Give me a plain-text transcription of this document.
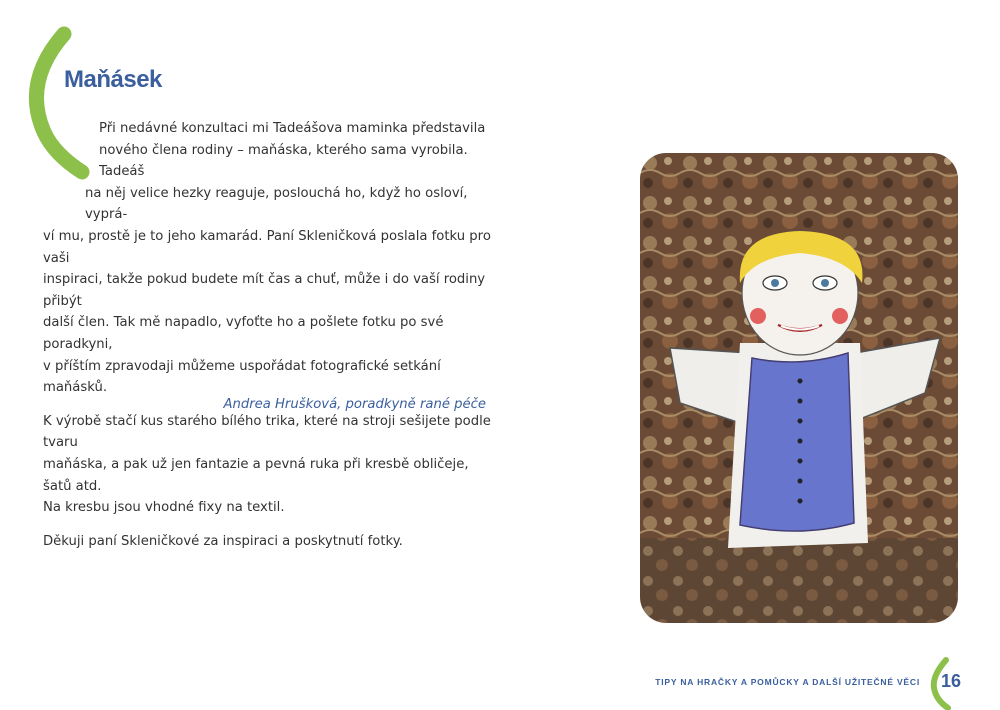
Maňásek

Při nedávné konzultaci mi Tadeášova maminka představila
nového člena rodiny – maňáska, kterého sama vyrobila. Tadeáš
na něj velice hezky reaguje, poslouchá ho, když ho osloví, vyprá-
ví mu, prostě je to jeho kamarád. Paní Skleničková poslala fotku pro vaši
inspiraci, takže pokud budete mít čas a chuť, může i do vaší rodiny přibýt
další člen. Tak mě napadlo, vyfoťte ho a pošlete fotku po své poradkyni,
v příštím zpravodaji můžeme uspořádat fotografické setkání maňásků.

K výrobě stačí kus starého bílého trika, které na stroji sešijete podle tvaru
maňáska, a pak už jen fantazie a pevná ruka při kresbě obličeje, šatů atd.
Na kresbu jsou vhodné fixy na textil.

Děkuji paní Skleničkové za inspiraci a poskytnutí fotky.

Andrea Hrušková, poradkyně rané péče
TIPY NA HRAČKY A POMŮCKY A DALŠÍ UŽITEČNÉ VĚCI 16
